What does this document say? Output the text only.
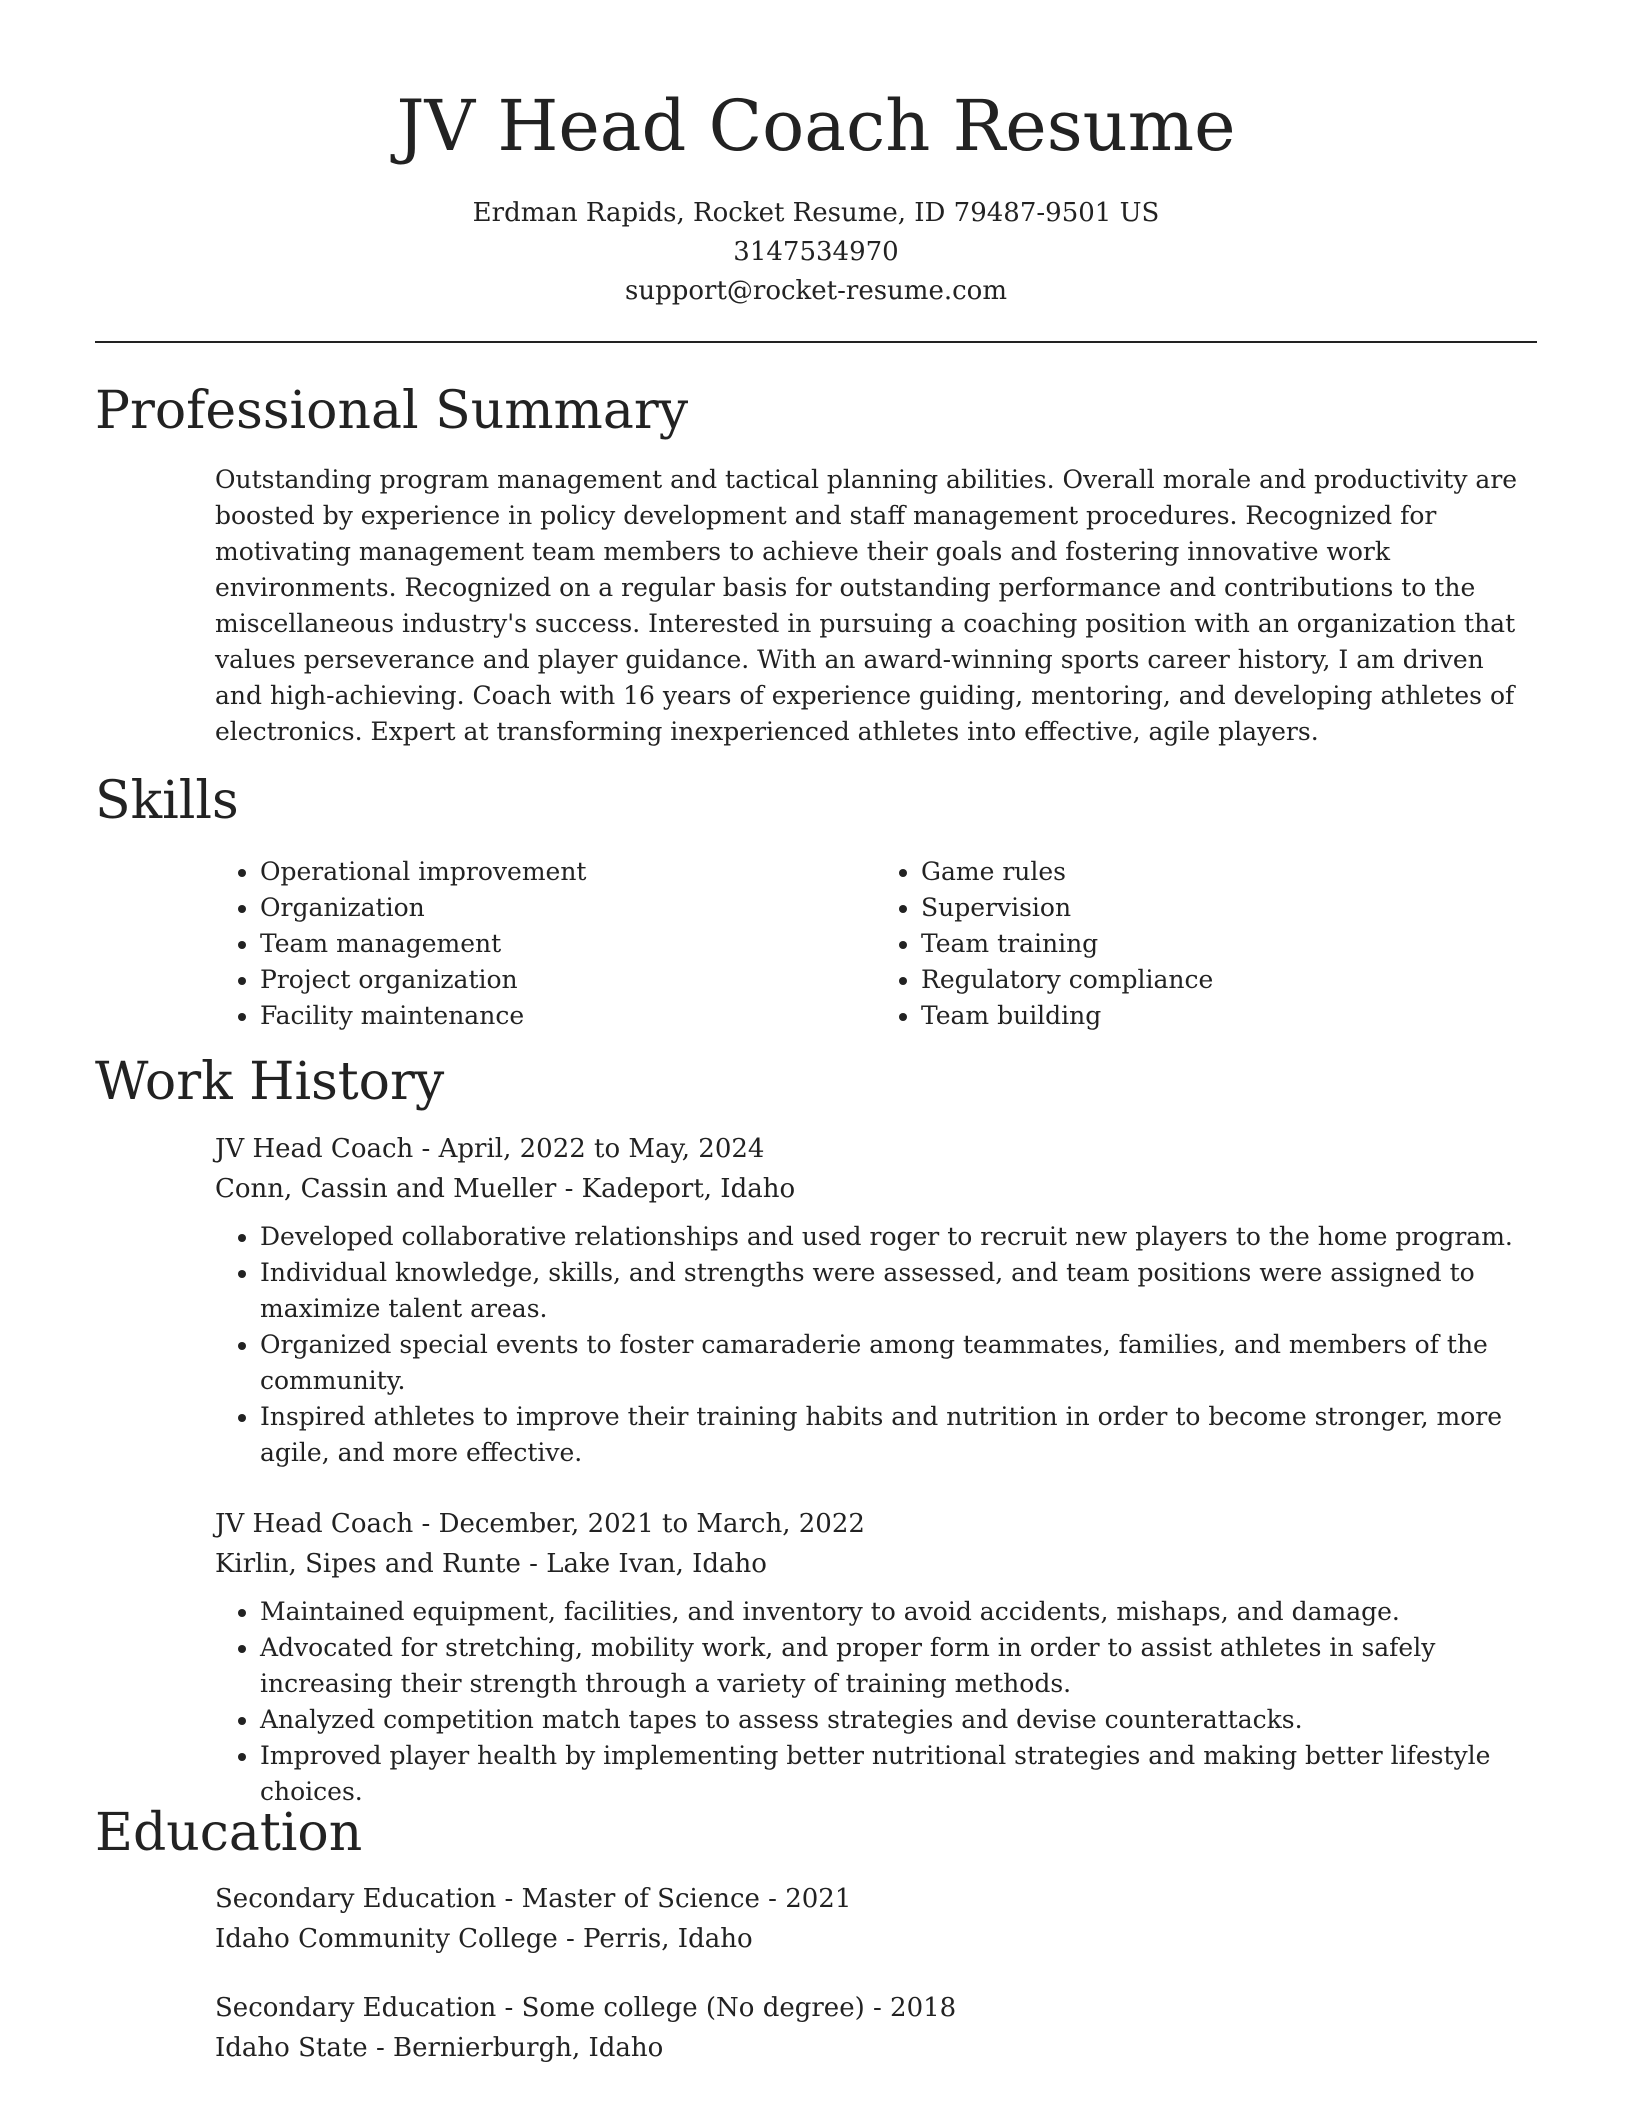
JV Head Coach Resume
Erdman Rapids, Rocket Resume, ID 79487-9501 US
3147534970
support@rocket-resume.com
Professional Summary
Outstanding program management and tactical planning abilities. Overall morale and productivity are boosted by experience in policy development and staff management procedures. Recognized for motivating management team members to achieve their goals and fostering innovative work environments. Recognized on a regular basis for outstanding performance and contributions to the miscellaneous industry's success. Interested in pursuing a coaching position with an organization that values perseverance and player guidance. With an award-winning sports career history, I am driven and high-achieving. Coach with 16 years of experience guiding, mentoring, and developing athletes of electronics. Expert at transforming inexperienced athletes into effective, agile players.
Skills
• Operational improvement
• Organization
• Team management
• Project organization
• Facility maintenance
• Game rules
• Supervision
• Team training
• Regulatory compliance
• Team building
Work History
JV Head Coach - April, 2022 to May, 2024
Conn, Cassin and Mueller - Kadeport, Idaho
• Developed collaborative relationships and used roger to recruit new players to the home program.
• Individual knowledge, skills, and strengths were assessed, and team positions were assigned to maximize talent areas.
• Organized special events to foster camaraderie among teammates, families, and members of the community.
• Inspired athletes to improve their training habits and nutrition in order to become stronger, more agile, and more effective.
JV Head Coach - December, 2021 to March, 2022
Kirlin, Sipes and Runte - Lake Ivan, Idaho
• Maintained equipment, facilities, and inventory to avoid accidents, mishaps, and damage.
• Advocated for stretching, mobility work, and proper form in order to assist athletes in safely increasing their strength through a variety of training methods.
• Analyzed competition match tapes to assess strategies and devise counterattacks.
• Improved player health by implementing better nutritional strategies and making better lifestyle choices.
Education
Secondary Education - Master of Science - 2021
Idaho Community College - Perris, Idaho
Secondary Education - Some college (No degree) - 2018
Idaho State - Bernierburgh, Idaho
